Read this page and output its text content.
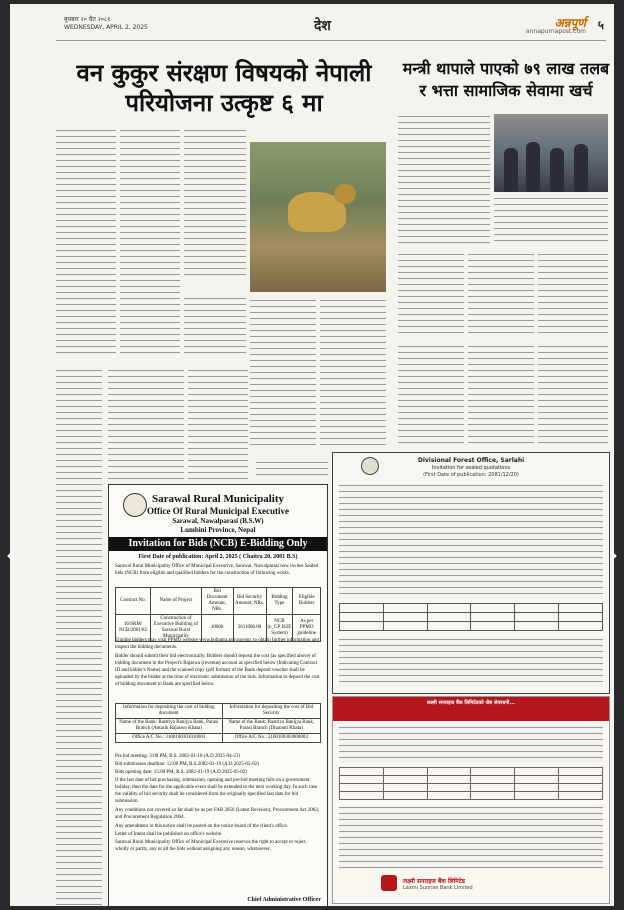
‹	›
बुधबार २० चैत २०८१
WEDNESDAY, APRIL 2, 2025	देश	अन्नपूर्ण
annapurnapost.com ५
वन कुकुर संरक्षण विषयको नेपाली परियोजना उत्कृष्ट ६ मा
मन्त्री थापाले पाएको ७९ लाख तलब र भत्ता सामाजिक सेवामा खर्च
Divisional Forest Office, Sarlahi
Invitation for sealed quotations
(First Date of publication: 2081/12/20)

लक्ष्मी सनराइज बैंक लिमिटेडको जेष्ठ शेयरधनी...

लक्ष्मी सनराइज बैंक लिमिटेड
Laxmi Sunrise Bank Limited
Sarawal Rural Municipality
Office Of Rural Municipal Executive
Sarawal, Nawalparasi (B.S.W)
Lumbini Province, Nepal
Invitation for Bids (NCB) E-Bidding Only
First Date of publication: April 2, 2025 ( Chaitra 20, 2081 B.S)
Sarawal Rural Municipality Office of Municipal Executive, Sarawal, Nawalparasi now invites Sealed bids (NCB) from eligible and qualified bidders for the construction of following works.
Contract No.	Name of Project	Bid Document Amount, NRs.	Bid Security Amount, NRs.	Bidding Type	Eligible Bidders
16/SRM/ NCB/2081/82	Construction of Executive Building of Sarawal Rural Municipality	10000	2611000.00	NCB (e_GP IS2E System)	As per PPMO guideline
Eligible bidders may visit PPMO website www.bolpatra.gov.np/egp. to obtain further information and inspect the bidding documents.
Bidder should submit their bid electronically. Bidders should deposit the cost (as specified above) of bidding document in the Project's Rajaswa (revenue) account as specified below (Indicating Contract ID and bidder's Name) and the scanned copy (pdf format) of the Bank deposit voucher shall be uploaded by the bidder at the time of electronic submission of the bids. Information to deposit the cost of bidding document in Bank are specified below.
Information for depositing the cost of bidding document	Information for depositing the cost of Bid Security
Name of the Bank: Rastriya Banijya Bank, Parasi Branch (Antarik Rajaswo Khata)	Name of the Bank: Rastriya Banijya Bank, Parasi Branch (Dharauti Khata)
Office A/C No.: 3100100301010003	Office A/C No.: 3100100303000003
Pre bid meeting: 3:00 PM, B.S. 2082-01-10 (A.D 2025-04-23)
Bid submission deadline: 12:00 PM, B.S.2082-01-19 (A.D 2025-05-02)
Bids opening date: 15:00 PM, B.S. 2082-01-19 (A.D 2025-05-02)
If the last date of bid purchasing, submission, opening and pre-bid meeting falls on a government holiday, then the date for the applicable event shall be extended to the next working day. In such case the validity of bid security shall be considered from the originally specified last date for bid submission.
Any conditions not covered so far shall be as per FAR 2056 (Latest Revision), Procurement Act 2063, and Procurement Regulation 2064.
Any amendment in this notice shall be posted on the notice board of the client's office.
Letter of Intent shall be published on office's website.
Sarawal Rural Municipality Office of Municipal Executive reserves the right to accept or reject, wholly or partly, any or all the bids without assigning any reason, whatsoever.
Chief Administrative Officer
